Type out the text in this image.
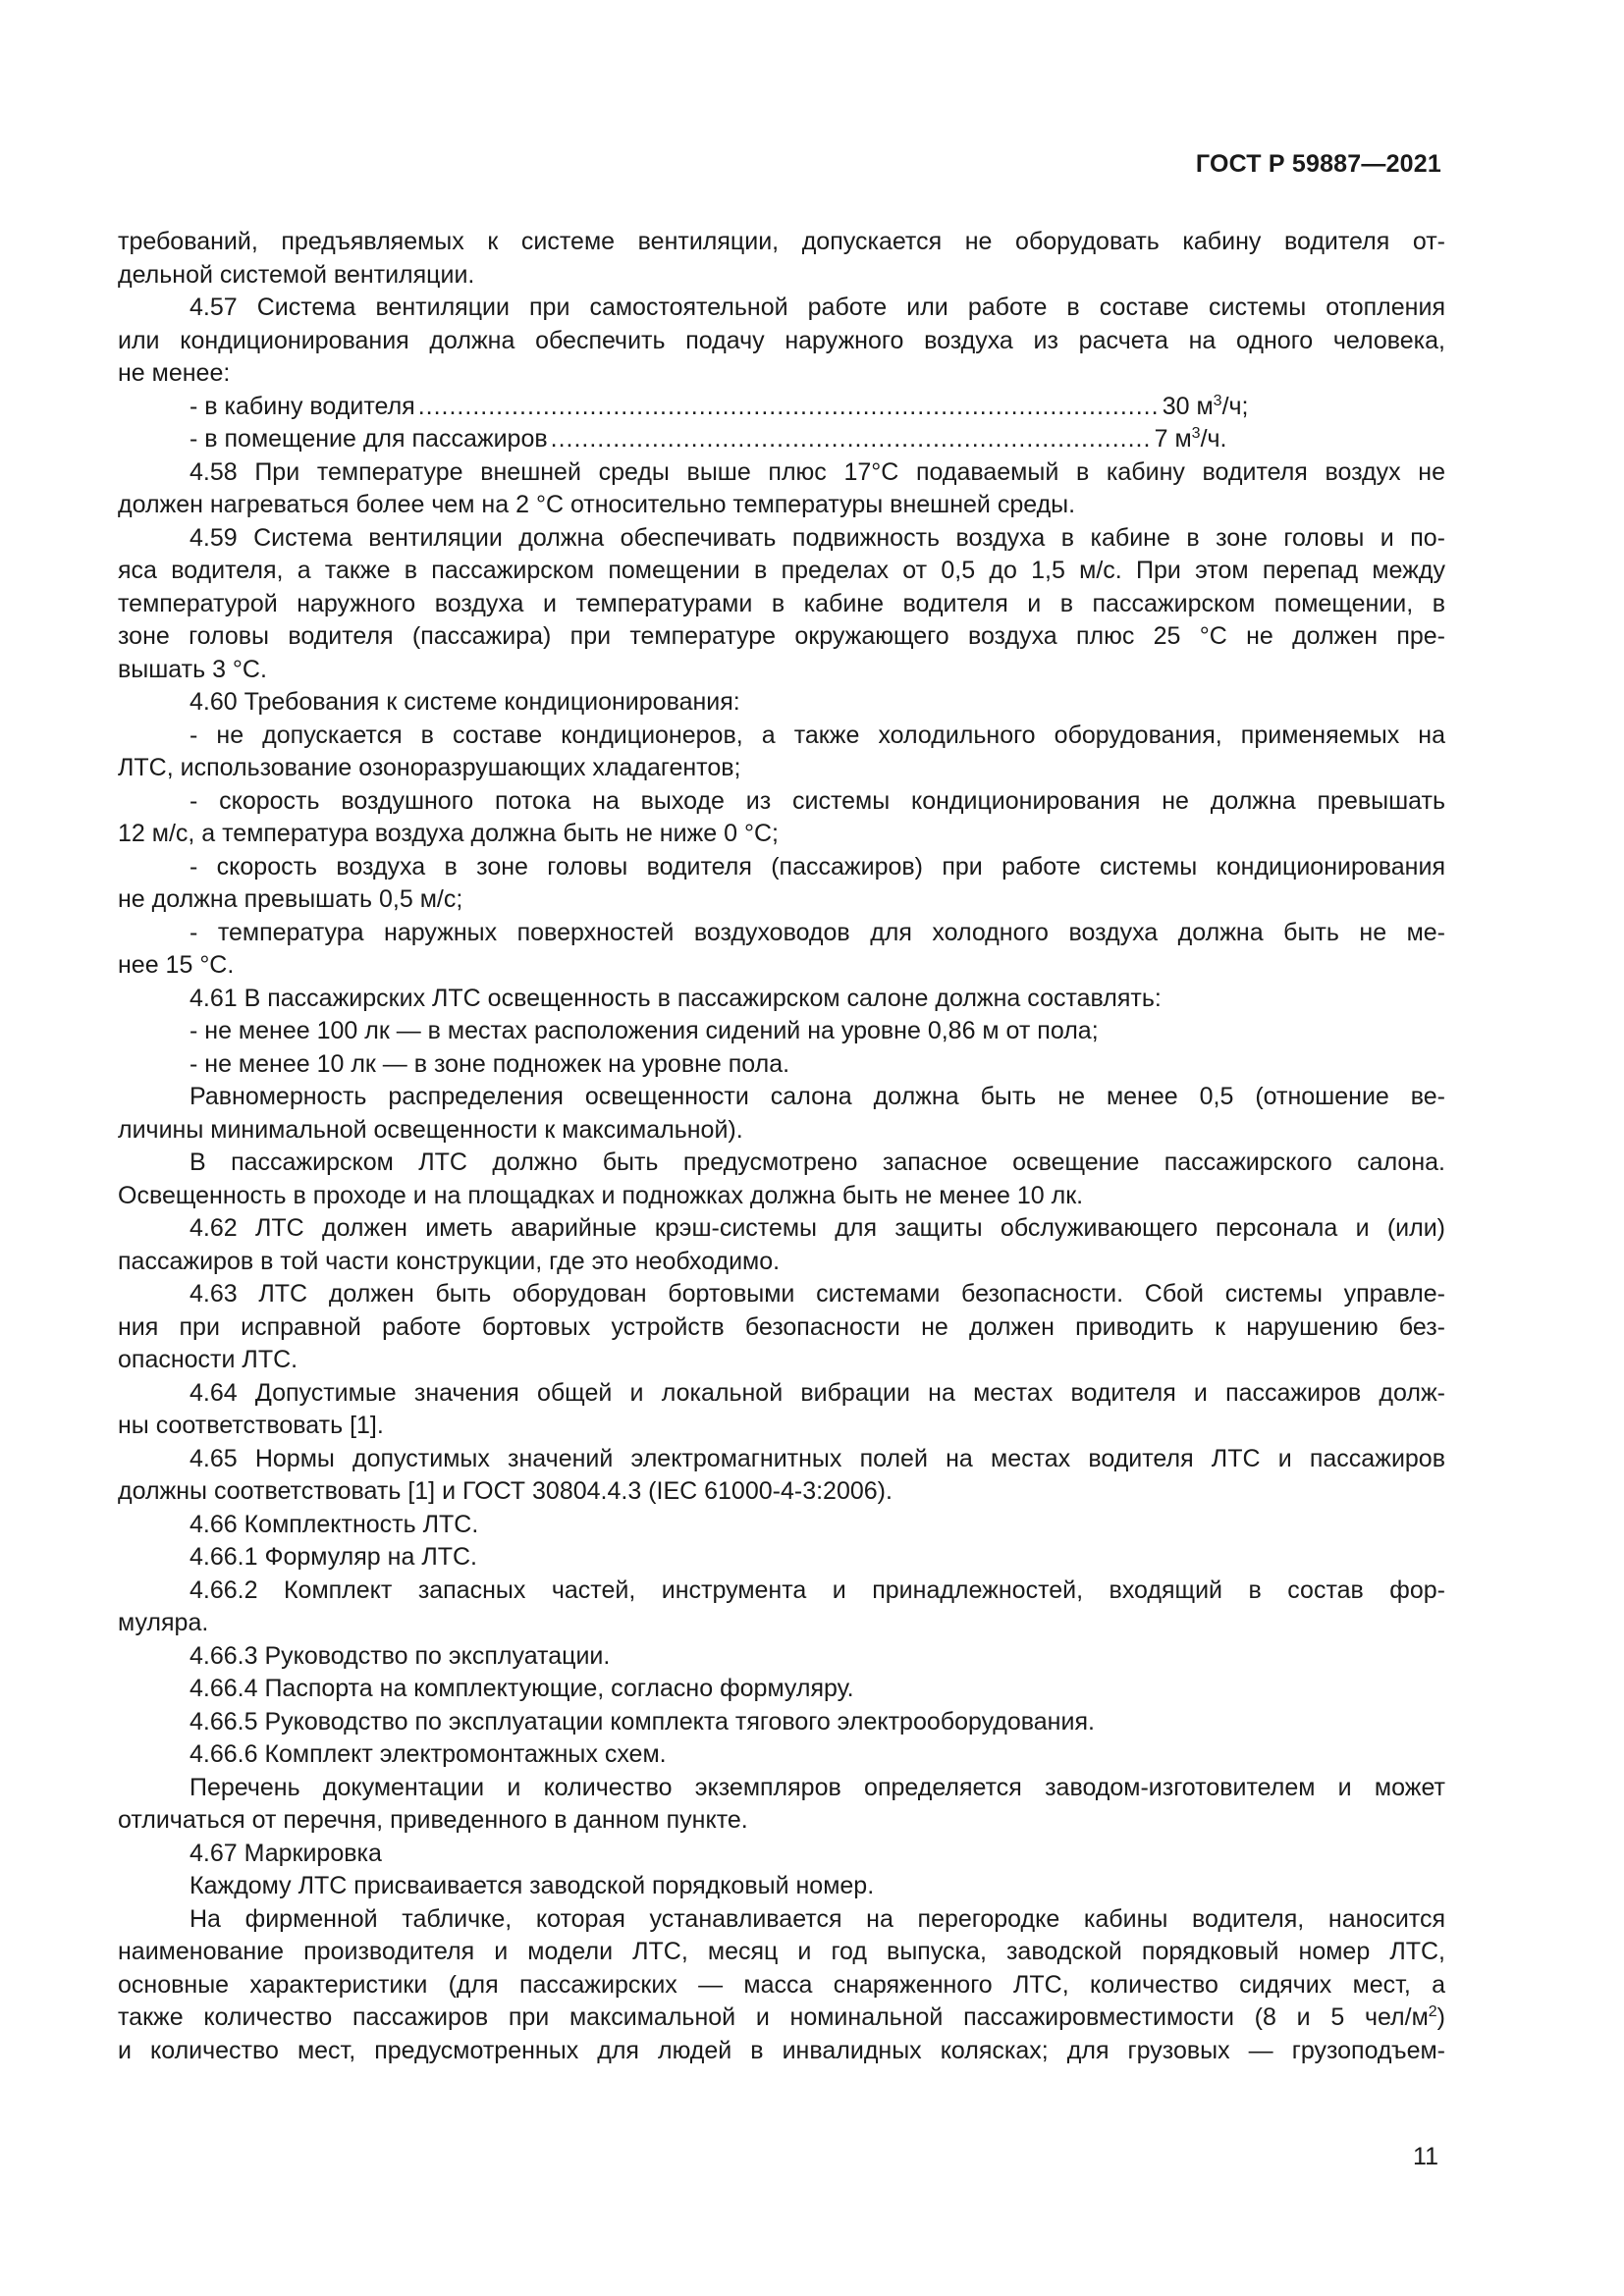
ГОСТ Р 59887—2021
требований, предъявляемых к системе вентиляции, допускается не оборудовать кабину водителя от-
дельной системой вентиляции.
4.57 Система вентиляции при самостоятельной работе или работе в составе системы отопления
или кондиционирования должна обеспечить подачу наружного воздуха из расчета на одного человека,
не менее:
- в кабину водителя .....	30 $м^3/ч$;
- в помещение для пассажиров .....	7 $м^3/ч$.
4.58 При температуре внешней среды выше плюс 17°С подаваемый в кабину водителя воздух не
должен нагреваться более чем на 2 °С относительно температуры внешней среды.
4.59 Система вентиляции должна обеспечивать подвижность воздуха в кабине в зоне головы и по-
яса водителя, а также в пассажирском помещении в пределах от 0,5 до 1,5 м/с. При этом перепад между
температурой наружного воздуха и температурами в кабине водителя и в пассажирском помещении, в
зоне головы водителя (пассажира) при температуре окружающего воздуха плюс 25 °С не должен пре-
вышать 3 °С.
4.60 Требования к системе кондиционирования:
- не допускается в составе кондиционеров, а также холодильного оборудования, применяемых на
ЛТС, использование озоноразрушающих хладагентов;
- скорость воздушного потока на выходе из системы кондиционирования не должна превышать
12 м/с, а температура воздуха должна быть не ниже 0 °С;
- скорость воздуха в зоне головы водителя (пассажиров) при работе системы кондиционирования
не должна превышать 0,5 м/с;
- температура наружных поверхностей воздуховодов для холодного воздуха должна быть не ме-
нее 15 °С.
4.61 В пассажирских ЛТС освещенность в пассажирском салоне должна составлять:
- не менее 100 лк — в местах расположения сидений на уровне 0,86 м от пола;
- не менее 10 лк — в зоне подножек на уровне пола.
Равномерность распределения освещенности салона должна быть не менее 0,5 (отношение ве-
личины минимальной освещенности к максимальной).
В пассажирском ЛТС должно быть предусмотрено запасное освещение пассажирского салона.
Освещенность в проходе и на площадках и подножках должна быть не менее 10 лк.
4.62 ЛТС должен иметь аварийные крэш-системы для защиты обслуживающего персонала и (или)
пассажиров в той части конструкции, где это необходимо.
4.63 ЛТС должен быть оборудован бортовыми системами безопасности. Сбой системы управле-
ния при исправной работе бортовых устройств безопасности не должен приводить к нарушению без-
опасности ЛТС.
4.64 Допустимые значения общей и локальной вибрации на местах водителя и пассажиров долж-
ны соответствовать [1].
4.65 Нормы допустимых значений электромагнитных полей на местах водителя ЛТС и пассажиров
должны соответствовать [1] и ГОСТ 30804.4.3 (IEC 61000-4-3:2006).
4.66 Комплектность ЛТС.
4.66.1 Формуляр на ЛТС.
4.66.2 Комплект запасных частей, инструмента и принадлежностей, входящий в состав фор-
муляра.
4.66.3 Руководство по эксплуатации.
4.66.4 Паспорта на комплектующие, согласно формуляру.
4.66.5 Руководство по эксплуатации комплекта тягового электрооборудования.
4.66.6 Комплект электромонтажных схем.
Перечень документации и количество экземпляров определяется заводом-изготовителем и может
отличаться от перечня, приведенного в данном пункте.
4.67 Маркировка
Каждому ЛТС присваивается заводской порядковый номер.
На фирменной табличке, которая устанавливается на перегородке кабины водителя, наносится
наименование производителя и модели ЛТС, месяц и год выпуска, заводской порядковый номер ЛТС,
основные характеристики (для пассажирских — масса снаряженного ЛТС, количество сидячих мест, а
также количество пассажиров при максимальной и номинальной пассажировместимости (8 и 5 чел/м $^2$)
и количество мест, предусмотренных для людей в инвалидных колясках; для грузовых — грузоподъем-
11
